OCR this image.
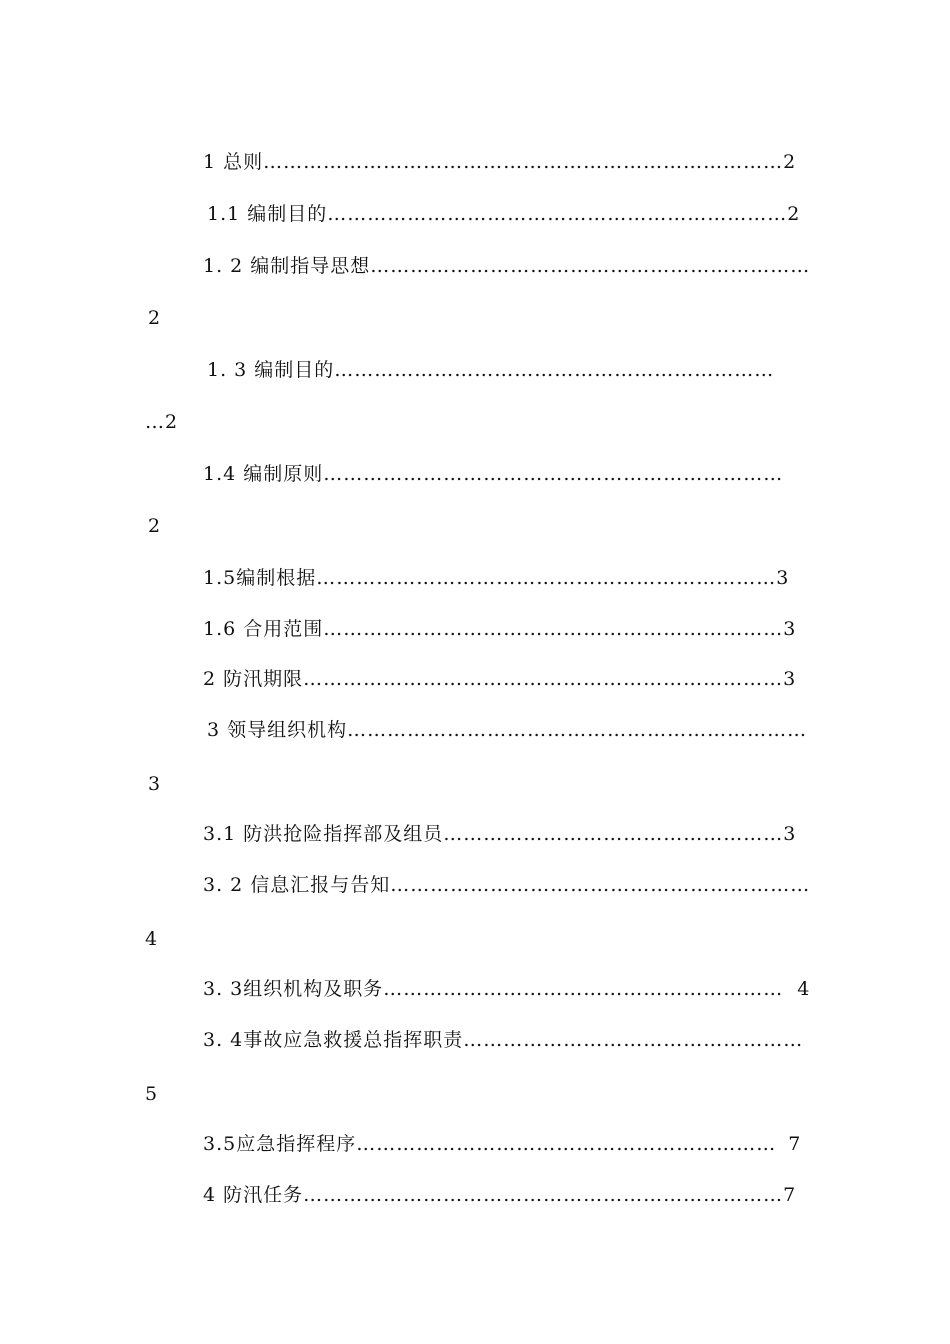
1 总则……………………………………………………………………2
1.1 编制目的……………………………………………………………2
1. 2 编制指导思想…………………………………………………………
2
1. 3 编制目的…………………………………………………………
…2
1.4 编制原则……………………………………………………………
2
1.5编制根据……………………………………………………………3
1.6 合用范围……………………………………………………………3
2 防汛期限………………………………………………………………3
3 领导组织机构……………………………………………………………
3
3.1 防洪抢险指挥部及组员……………………………………………3
3. 2 信息汇报与告知………………………………………………………
4
3. 3组织机构及职务…………………………………………………… 4
3. 4事故应急救援总指挥职责……………………………………………
5
3.5应急指挥程序……………………………………………………… 7
4 防汛任务………………………………………………………………7
